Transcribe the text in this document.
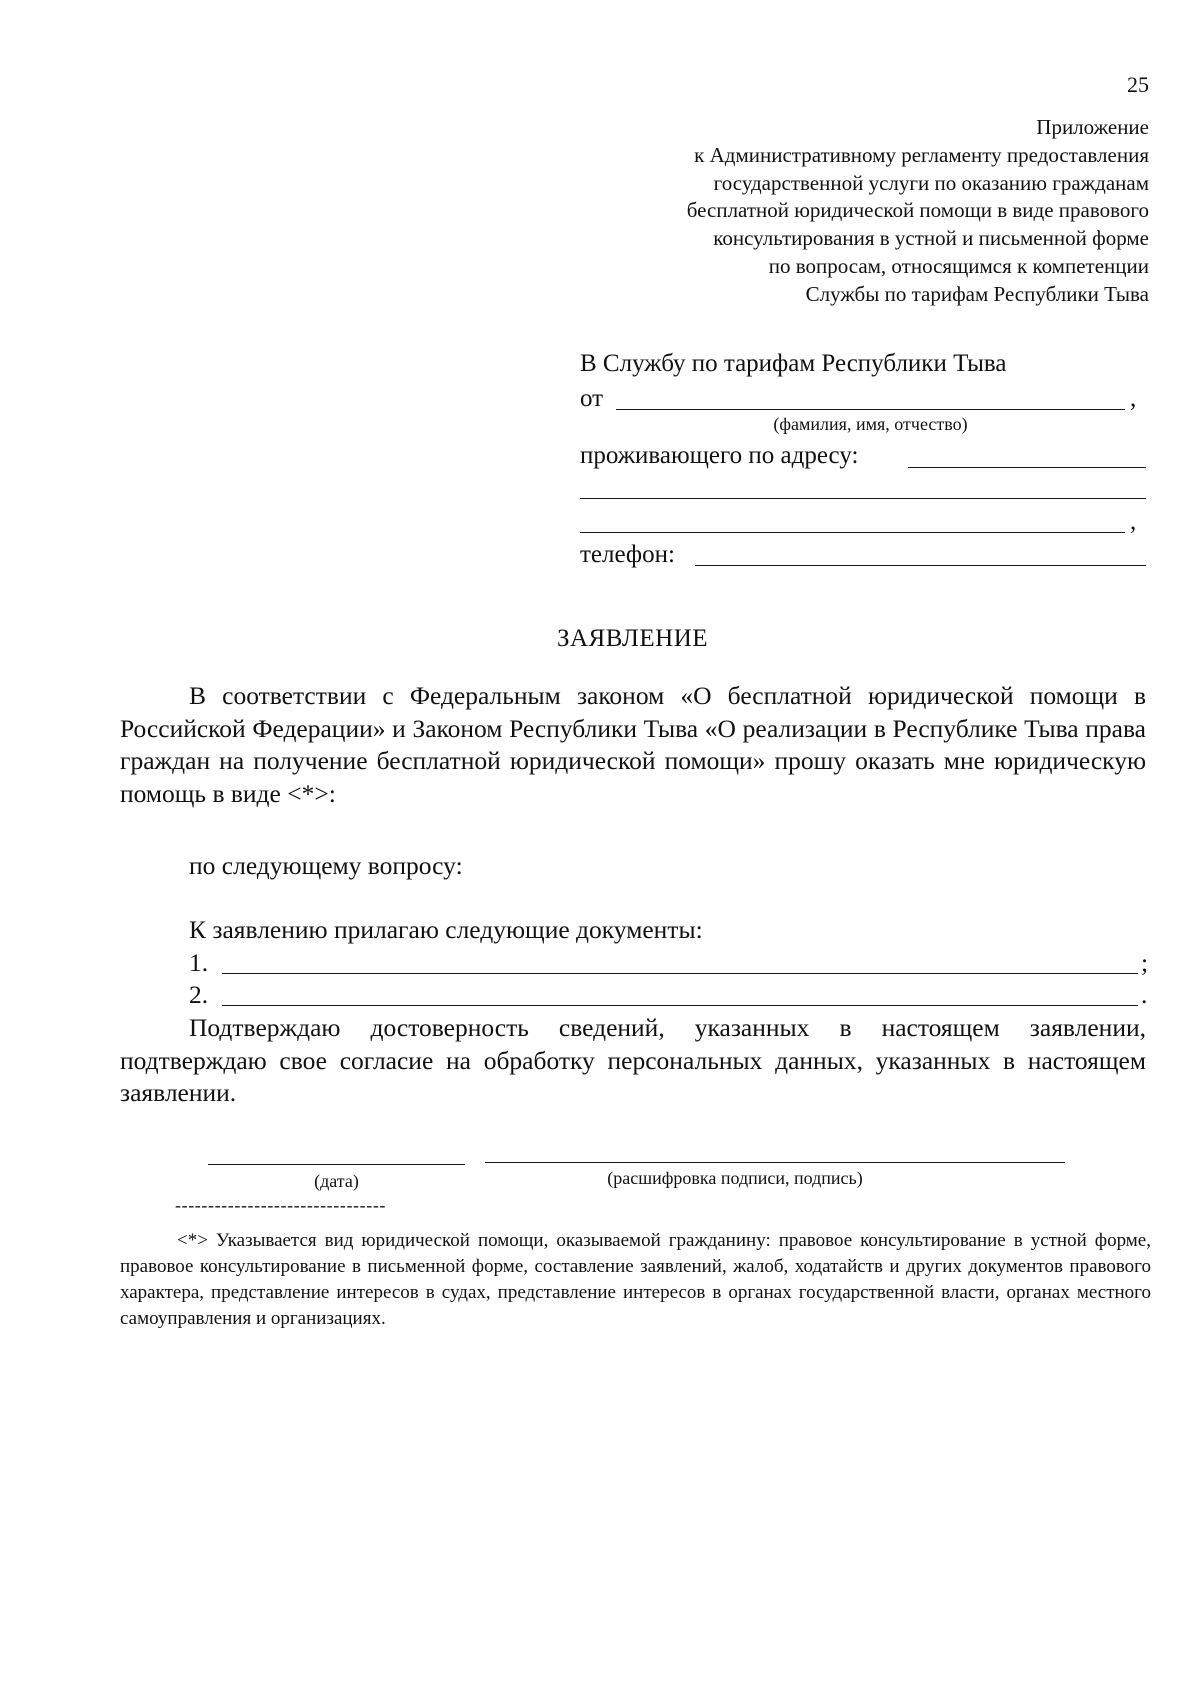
25
Приложение
к Административному регламенту предоставления
государственной услуги по оказанию гражданам
бесплатной юридической помощи в виде правового
консультирования в устной и письменной форме
по вопросам, относящимся к компетенции
Службы по тарифам Республики Тыва
В Службу по тарифам Республики Тыва
от	,
(фамилия, имя, отчество)
проживающего по адресу:
,
телефон:
ЗАЯВЛЕНИЕ
В соответствии с Федеральным законом «О бесплатной юридической помощи в Российской Федерации» и Законом Республики Тыва «О реализации в Республике Тыва права граждан на получение бесплатной юридической помощи» прошу оказать мне юридическую помощь в виде <*>:
по следующему вопросу:
К заявлению прилагаю следующие документы:
1.	;
2.	.
Подтверждаю достоверность сведений, указанных в настоящем заявлении, подтверждаю свое согласие на обработку персональных данных, указанных в настоящем заявлении.
(дата)	(расшифровка подписи, подпись)
--------------------------------
<*> Указывается вид юридической помощи, оказываемой гражданину: правовое консультирование в устной форме, правовое консультирование в письменной форме, составление заявлений, жалоб, ходатайств и других документов правового характера, представление интересов в судах, представление интересов в органах государственной власти, органах местного самоуправления и организациях.
